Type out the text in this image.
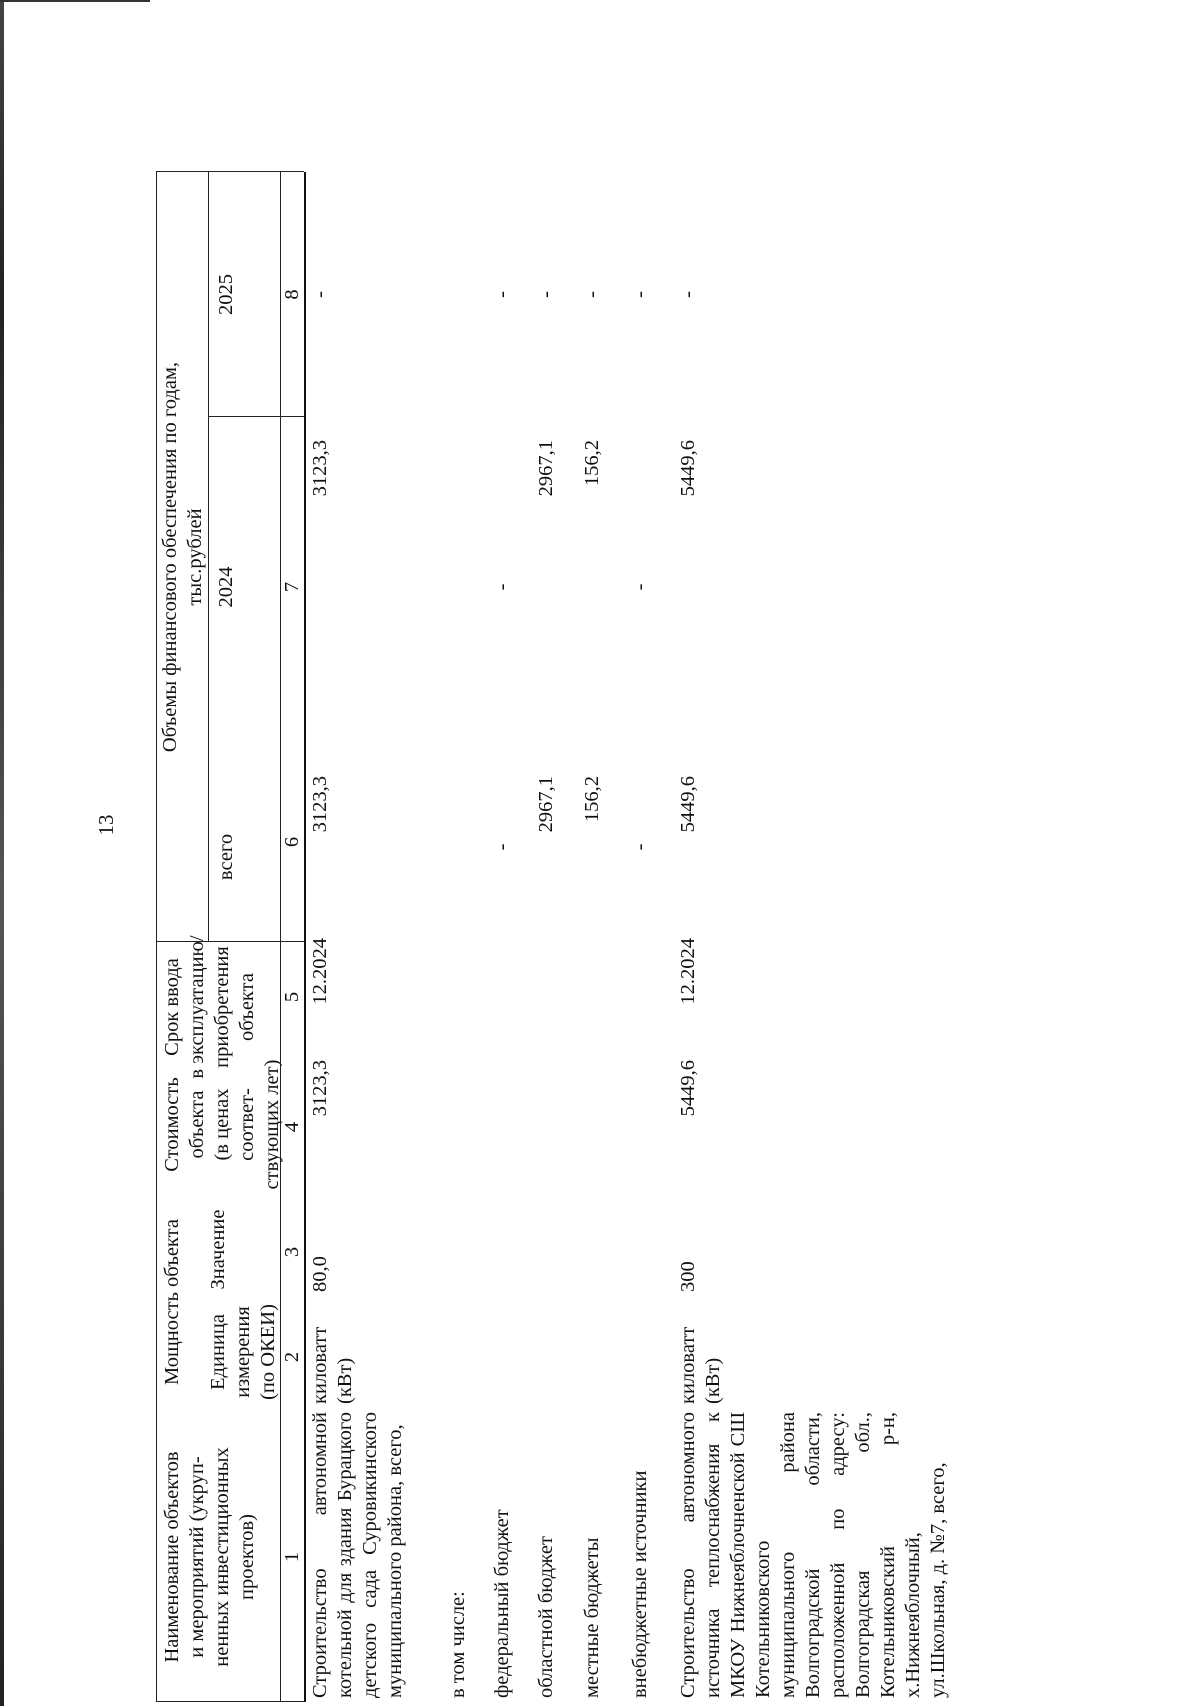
13
Наименование объектов и мероприятий (укруп- ненных инвестиционных проектов)
Мощность объекта Единица измерения (по ОКЕИ)
Значение
Стоимость объекта (в ценах соответ- ствующих лет)
Срок ввода в эксплуатацию/ приобретения объекта
Объемы финансового обеспечения по годам, тыс.рублей
всего
2024
2025
1
2
3
4
5
6
7
8
Строительство автономной котельной для здания Бурацкого детского сада Суровикинского муниципального района, всего,
киловатт (кВт)
80,0
3123,3
12.2024
3123,3
3123,3
-
в том числе: федеральный бюджет
-
-
-
областной бюджет
2967,1
2967,1
-
местные бюджеты
156,2
156,2
-
внебюджетные источники
-
-
-
Строительство автономного источника теплоснабжения к МКОУ Нижнеяблочненской СШ Котельниковского муниципального района Волгоградской области, расположенной по адресу: Волгоградская обл., Котельниковский р-н, х.Нижнеяблочный, ул.Школьная, д. №7, всего,
киловатт (кВт)
300
5449,6
12.2024
5449,6
5449,6
-
